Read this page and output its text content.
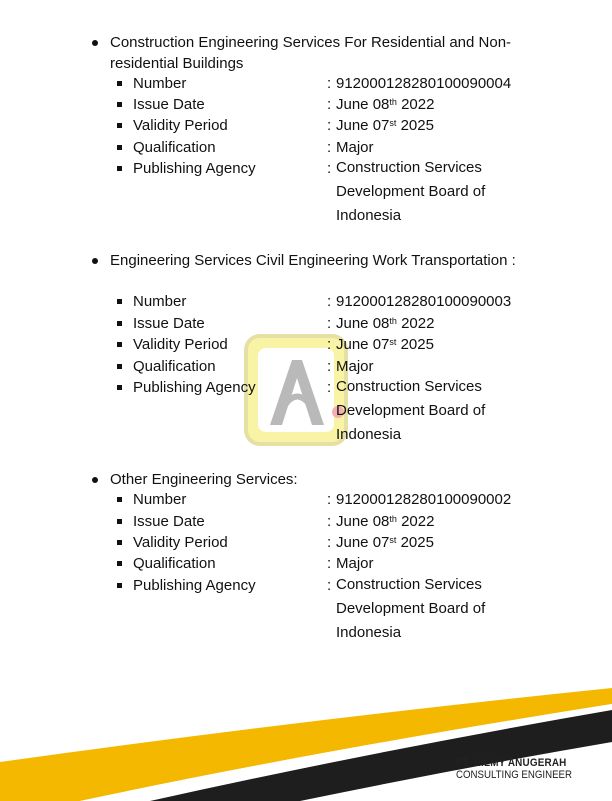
Construction Engineering Services For Residential and Non-residential Buildings
Number	: 912000128280100090004
Issue Date	: June 08th 2022
Validity Period	: June 07st 2025
Qualification	: Major
Publishing Agency	: Construction Services Development Board of Indonesia
Engineering Services Civil Engineering Work Transportation :
Number	: 912000128280100090003
Issue Date	: June 08th 2022
Validity Period	: June 07st 2025
Qualification	: Major
Publishing Agency	: Construction Services Development Board of Indonesia
Other Engineering Services:
Number	: 912000128280100090002
Issue Date	: June 08th 2022
Validity Period	: June 07st 2025
Qualification	: Major
Publishing Agency	: Construction Services Development Board of Indonesia
PT. HILMY ANUGERAH
CONSULTING ENGINEER
